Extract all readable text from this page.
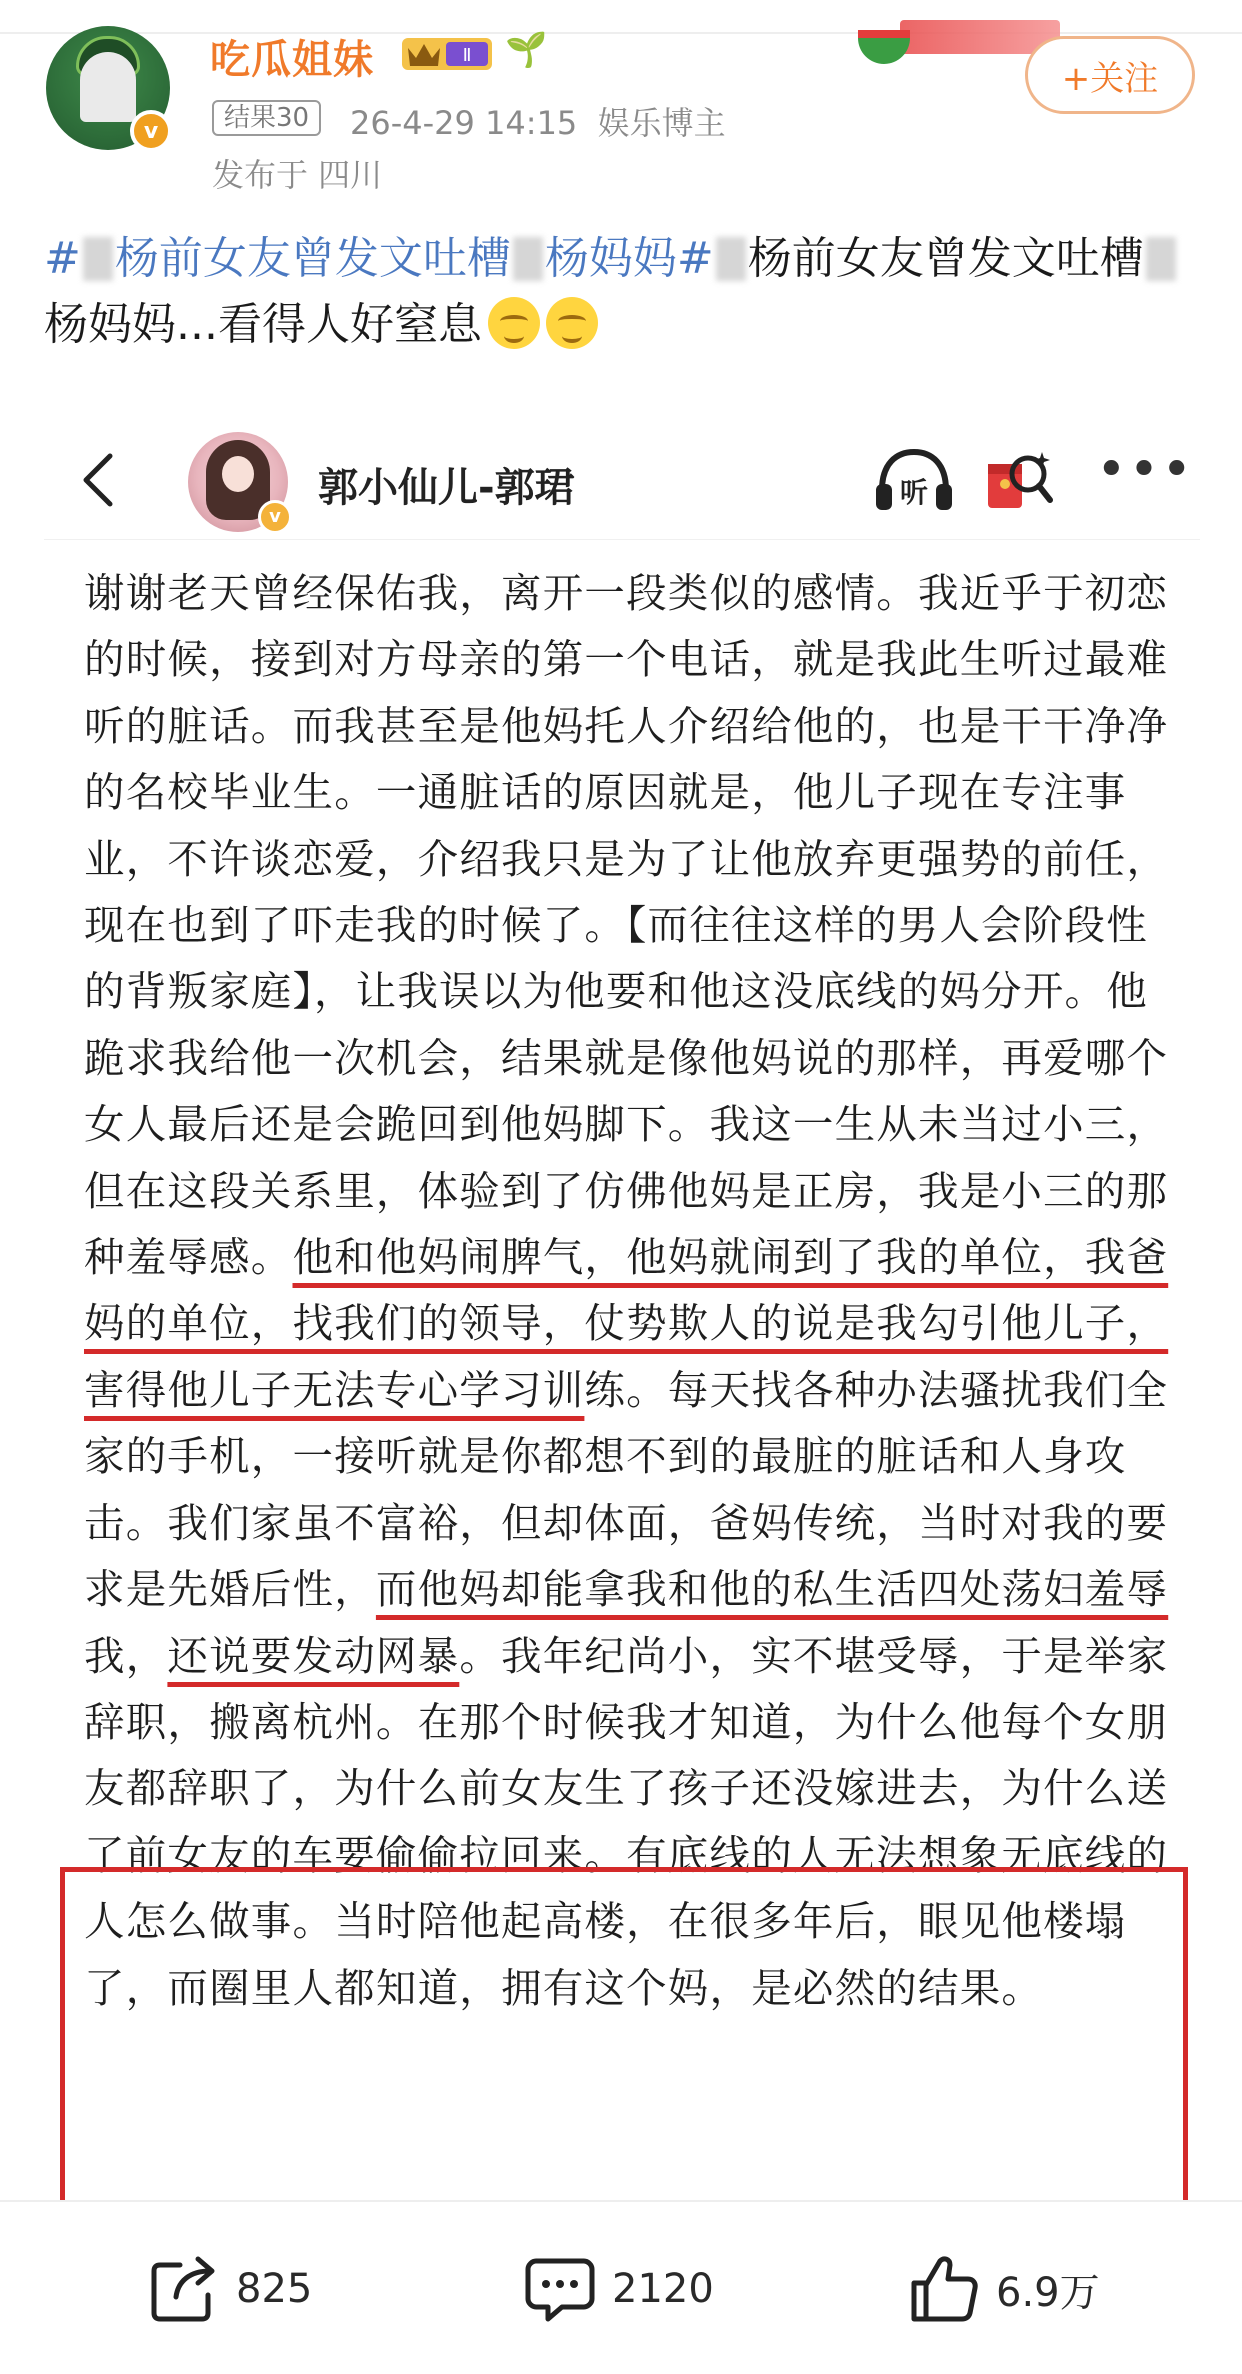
v
吃瓜姐妹	Ⅱ 🌱
结果30	26-4-29 14:15 娱乐博主
发布于 四川
+关注
# 杨前女友曾发文吐槽 杨妈妈# 杨前女友曾发文吐槽杨妈妈...看得人好窒息
v
郭小仙儿-郭珺	听	•••

谢谢老天曾经保佑我，离开一段类似的感情。我近乎于初恋的时候，接到对方母亲的第一个电话，就是我此生听过最难听的脏话。而我甚至是他妈托人介绍给他的，也是干干净净的名校毕业生。一通脏话的原因就是，他儿子现在专注事业，不许谈恋爱，介绍我只是为了让他放弃更强势的前任，现在也到了吓走我的时候了。【而往往这样的男人会阶段性的背叛家庭】，让我误以为他要和他这没底线的妈分开。他跪求我给他一次机会，结果就是像他妈说的那样，再爱哪个女人最后还是会跪回到他妈脚下。我这一生从未当过小三，但在这段关系里，体验到了仿佛他妈是正房，我是小三的那种羞辱感。他和他妈闹脾气，他妈就闹到了我的单位，我爸妈的单位，找我们的领导，仗势欺人的说是我勾引他儿子，害得他儿子无法专心学习训练。每天找各种办法骚扰我们全家的手机，一接听就是你都想不到的最脏的脏话和人身攻击。我们家虽不富裕，但却体面，爸妈传统，当时对我的要求是先婚后性，而他妈却能拿我和他的私生活四处荡妇羞辱我，还说要发动网暴。我年纪尚小，实不堪受辱，于是举家辞职，搬离杭州。在那个时候我才知道，为什么他每个女朋友都辞职了，为什么前女友生了孩子还没嫁进去，为什么送了前女友的车要偷偷拉回来。有底线的人无法想象无底线的人怎么做事。当时陪他起高楼，在很多年后，眼见他楼塌了，而圈里人都知道，拥有这个妈，是必然的结果。

825	2120	6.9万
